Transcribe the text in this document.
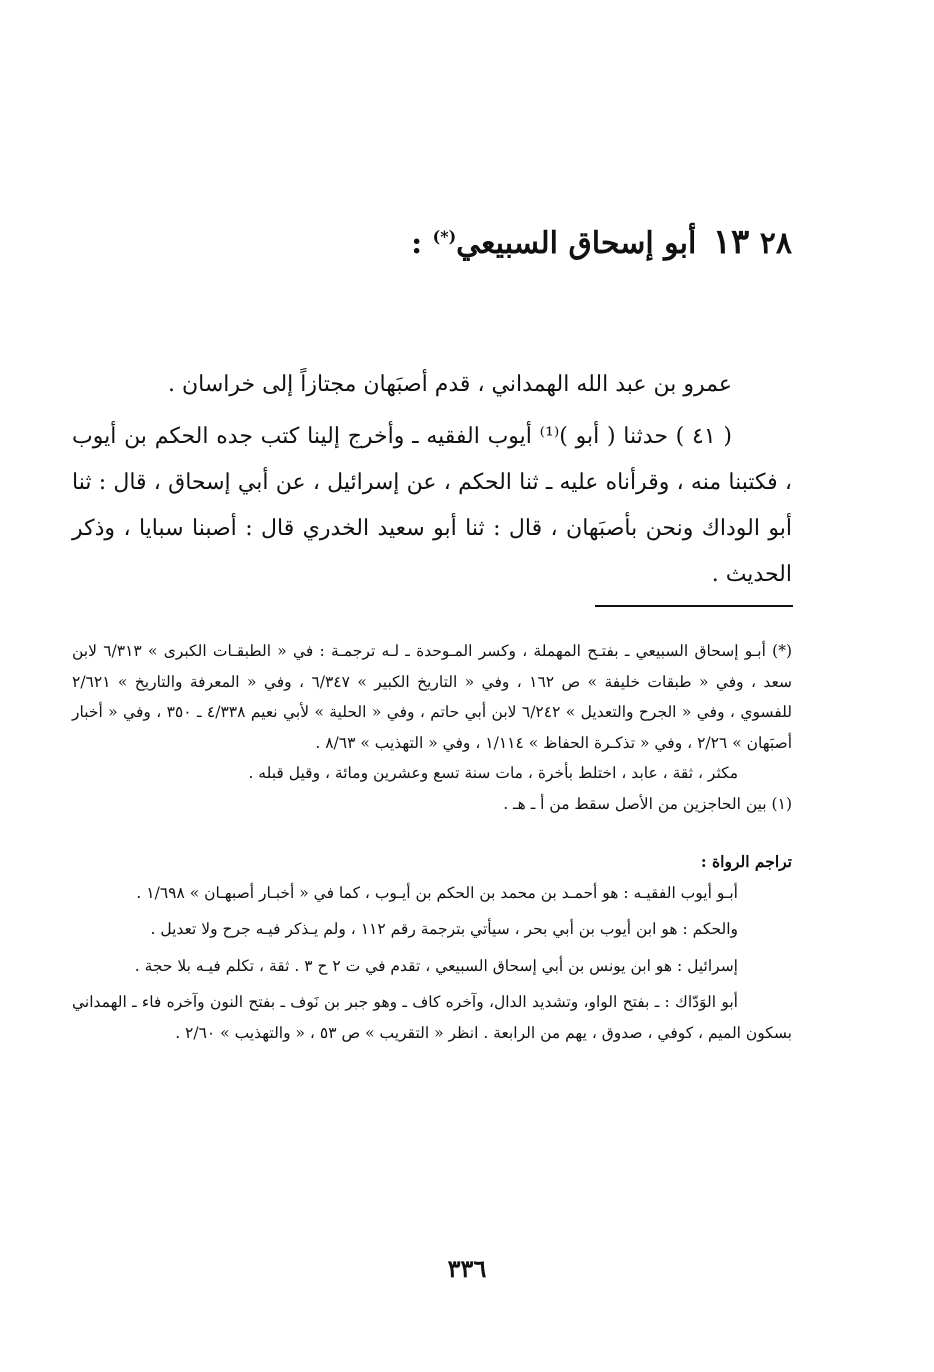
٢٨ ١٣ أبو إسحاق السبيعي(*) :

عمرو بن عبد الله الهمداني ، قدم أصبَهان مجتازاً إلى خراسان .

( ٤١ ) حدثنا ( أبو )⁽¹⁾ أيوب الفقيه ـ وأخرج إلينا كتب جده الحكم بن أيوب ، فكتبنا منه ، وقرأناه عليه ـ ثنا الحكم ، عن إسرائيل ، عن أبي إسحاق ، قال : ثنا أبو الوداك ونحن بأصبَهان ، قال : ثنا أبو سعيد الخدري قال : أصبنا سبايا ، وذكر الحديث .

(*) أبـو إسحاق السبيعي ـ بفتـح المهملة ، وكسر المـوحدة ـ لـه ترجمـة : في « الطبقـات الكبرى » ٦/٣١٣ لابن سعد ، وفي « طبقات خليفة » ص ١٦٢ ، وفي « التاريخ الكبير » ٦/٣٤٧ ، وفي « المعرفة والتاريخ » ٢/٦٢١ للفسوي ، وفي « الجرح والتعديل » ٦/٢٤٢ لابن أبي حاتم ، وفي « الحلية » لأبي نعيم ٤/٣٣٨ ـ ٣٥٠ ، وفي « أخبار أصبَهان » ٢/٢٦ ، وفي « تذكـرة الحفاظ » ١/١١٤ ، وفي « التهذيب » ٨/٦٣ .

مكثر ، ثقة ، عابد ، اختلط بأخرة ، مات سنة تسع وعشرين ومائة ، وقيل قبله .

(١) بين الحاجزين من الأصل سقط من أ ـ هـ .

تراجم الرواة :

أبـو أيوب الفقيـه : هو أحمـد بن محمد بن الحكم بن أيـوب ، كما في « أخبـار أصبهـان » ١/٦٩٨ .

والحكم : هو ابن أيوب بن أبي بحر ، سيأتي بترجمة رقم ١١٢ ، ولم يـذكر فيـه جرح ولا تعديل .

إسرائيل : هو ابن يونس بن أبي إسحاق السبيعي ، تقدم في ت ٢ ح ٣ . ثقة ، تكلم فيـه بلا حجة .

أبو الوَدّاك : ـ بفتح الواو، وتشديد الدال، وآخره كاف ـ وهو جبر بن نَوف ـ بفتح النون وآخره فاء ـ الهمداني بسكون الميم ، كوفي ، صدوق ، يهم من الرابعة . انظر « التقريب » ص ٥٣ ، « والتهذيب » ٢/٦٠ .

٣٣٦
